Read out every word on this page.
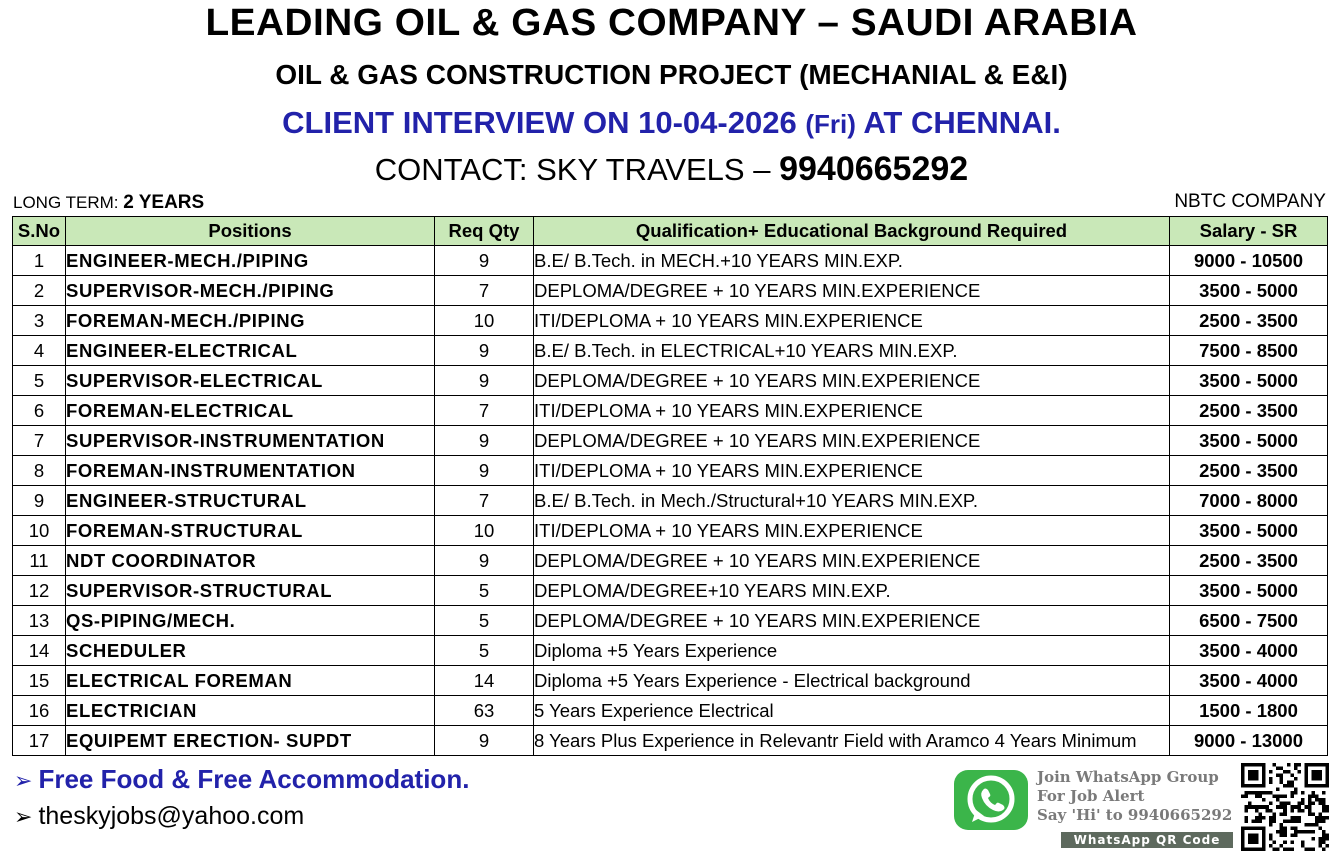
LEADING OIL & GAS COMPANY – SAUDI ARABIA
OIL & GAS CONSTRUCTION PROJECT (MECHANIAL & E&I)
CLIENT INTERVIEW ON 10-04-2026 (Fri) AT CHENNAI.
CONTACT: SKY TRAVELS – 9940665292
LONG TERM: 2 YEARS	NBTC COMPANY
S.No	Positions	Req Qty	Qualification+ Educational Background Required	Salary - SR
1	ENGINEER-MECH./PIPING	9	B.E/ B.Tech. in MECH.+10 YEARS MIN.EXP.	9000 - 10500
2	SUPERVISOR-MECH./PIPING	7	DEPLOMA/DEGREE + 10 YEARS MIN.EXPERIENCE	3500 - 5000
3	FOREMAN-MECH./PIPING	10	ITI/DEPLOMA + 10 YEARS MIN.EXPERIENCE	2500 - 3500
4	ENGINEER-ELECTRICAL	9	B.E/ B.Tech. in ELECTRICAL+10 YEARS MIN.EXP.	7500 - 8500
5	SUPERVISOR-ELECTRICAL	9	DEPLOMA/DEGREE + 10 YEARS MIN.EXPERIENCE	3500 - 5000
6	FOREMAN-ELECTRICAL	7	ITI/DEPLOMA + 10 YEARS MIN.EXPERIENCE	2500 - 3500
7	SUPERVISOR-INSTRUMENTATION	9	DEPLOMA/DEGREE + 10 YEARS MIN.EXPERIENCE	3500 - 5000
8	FOREMAN-INSTRUMENTATION	9	ITI/DEPLOMA + 10 YEARS MIN.EXPERIENCE	2500 - 3500
9	ENGINEER-STRUCTURAL	7	B.E/ B.Tech. in Mech./Structural+10 YEARS MIN.EXP.	7000 - 8000
10	FOREMAN-STRUCTURAL	10	ITI/DEPLOMA + 10 YEARS MIN.EXPERIENCE	3500 - 5000
11	NDT COORDINATOR	9	DEPLOMA/DEGREE + 10 YEARS MIN.EXPERIENCE	2500 - 3500
12	SUPERVISOR-STRUCTURAL	5	DEPLOMA/DEGREE+10 YEARS MIN.EXP.	3500 - 5000
13	QS-PIPING/MECH.	5	DEPLOMA/DEGREE + 10 YEARS MIN.EXPERIENCE	6500 - 7500
14	SCHEDULER	5	Diploma +5 Years Experience	3500 - 4000
15	ELECTRICAL FOREMAN	14	Diploma +5 Years Experience - Electrical background	3500 - 4000
16	ELECTRICIAN	63	5 Years Experience Electrical	1500 - 1800
17	EQUIPEMT ERECTION- SUPDT	9	8 Years Plus Experience in Relevantr Field with Aramco 4 Years Minimum	9000 - 13000
➢ Free Food & Free Accommodation.
➢ theskyjobs@yahoo.com
Join WhatsApp Group
For Job Alert
Say 'Hi' to 9940665292
WhatsApp QR Code
